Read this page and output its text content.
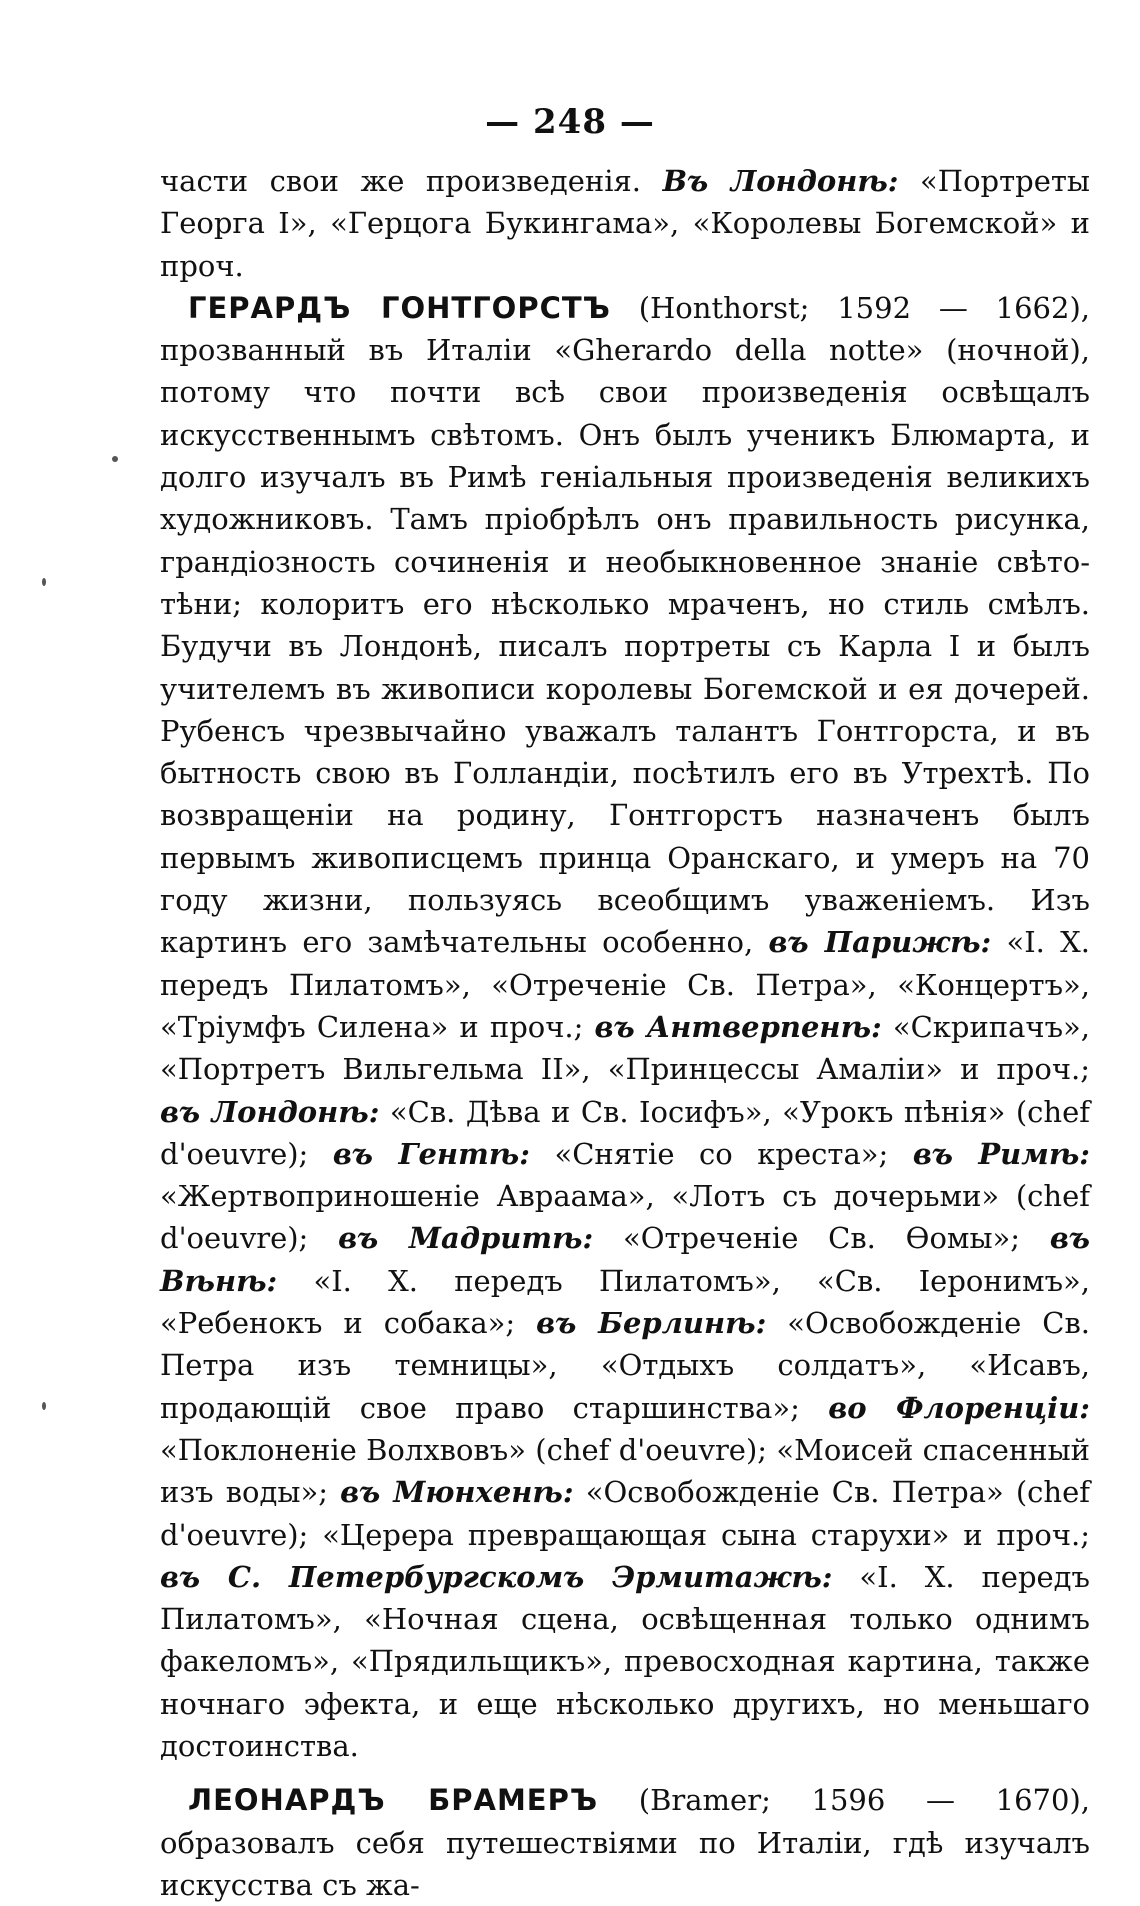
— 248 —

части свои же произведенія. Въ Лондонѣ: «Портреты Георга I», «Герцога Букингама», «Королевы Богемской» и проч.

ГЕРАРДЪ ГОНТГОРСТЪ (Honthorst; 1592 — 1662), прозванный въ Италіи «Gherardo della notte» (ночной), потому что почти всѣ свои произведенія освѣщалъ искусственнымъ свѣтомъ. Онъ былъ ученикъ Блюмарта, и долго изучалъ въ Римѣ геніальныя произведенія великихъ художниковъ. Тамъ пріобрѣлъ онъ правильность рисунка, грандіозность сочиненія и необыкновенное знаніе свѣто-тѣни; колоритъ его нѣсколько мраченъ, но стиль смѣлъ. Будучи въ Лондонѣ, писалъ портреты съ Карла I и былъ учителемъ въ живописи королевы Богемской и ея дочерей. Рубенсъ чрезвычайно уважалъ талантъ Гонтгорста, и въ бытность свою въ Голландіи, посѣтилъ его въ Утрехтѣ. По возвращеніи на родину, Гонтгорстъ назначенъ былъ первымъ живописцемъ принца Оранскаго, и умеръ на 70 году жизни, пользуясь всеобщимъ уваженіемъ. Изъ картинъ его замѣчательны особенно, въ Парижѣ: «І. Х. передъ Пилатомъ», «Отреченіе Св. Петра», «Концертъ», «Тріумфъ Силена» и проч.; въ Антверпенѣ: «Скрипачъ», «Портретъ Вильгельма II», «Принцессы Амаліи» и проч.; въ Лондонѣ: «Св. Дѣва и Св. Іосифъ», «Урокъ пѣнія» (chef d'oeuvre); въ Гентѣ: «Снятіе со креста»; въ Римѣ: «Жертвоприношеніе Авраама», «Лотъ съ дочерьми» (chef d'oeuvre); въ Мадритѣ: «Отреченіе Св. Ѳомы»; въ Вѣнѣ: «І. Х. передъ Пилатомъ», «Св. Іеронимъ», «Ребенокъ и собака»; въ Берлинѣ: «Освобожденіе Св. Петра изъ темницы», «Отдыхъ солдатъ», «Исавъ, продающій свое право старшинства»; во Флоренціи: «Поклоненіе Волхвовъ» (chef d'oeuvre); «Моисей спасенный изъ воды»; въ Мюнхенѣ: «Освобожденіе Св. Петра» (chef d'oeuvre); «Церера превращающая сына старухи» и проч.; въ С. Петербургскомъ Эрмитажѣ: «І. Х. передъ Пилатомъ», «Ночная сцена, освѣщенная только однимъ факеломъ», «Прядильщикъ», превосходная картина, также ночнаго эфекта, и еще нѣсколько другихъ, но меньшаго достоинства.

ЛЕОНАРДЪ БРАМЕРЪ (Bramer; 1596 — 1670), образовалъ себя путешествіями по Италіи, гдѣ изучалъ искусства съ жа-
